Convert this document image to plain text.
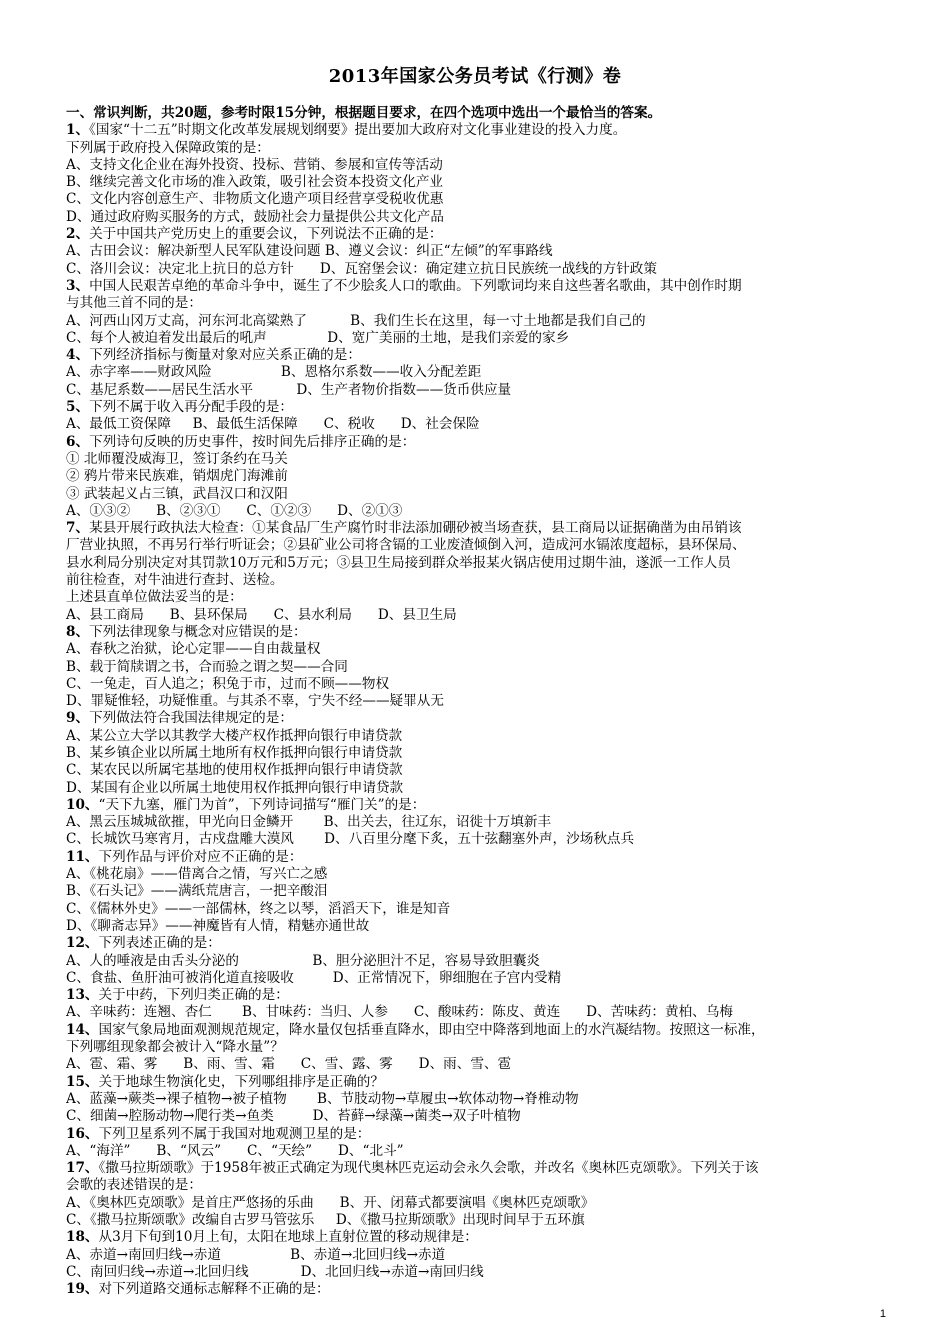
2013年国家公务员考试《行测》卷
一、常识判断，共20题，参考时限15分钟，根据题目要求，在四个选项中选出一个最恰当的答案。
1、《国家“十二五”时期文化改革发展规划纲要》提出要加大政府对文化事业建设的投入力度。
下列属于政府投入保障政策的是：
A、支持文化企业在海外投资、投标、营销、参展和宣传等活动
B、继续完善文化市场的准入政策，吸引社会资本投资文化产业
C、文化内容创意生产、非物质文化遗产项目经营享受税收优惠
D、通过政府购买服务的方式，鼓励社会力量提供公共文化产品
2、关于中国共产党历史上的重要会议，下列说法不正确的是：
A、古田会议：解决新型人民军队建设问题 B、遵义会议：纠正“左倾”的军事路线
C、洛川会议：决定北上抗日的总方针      D、瓦窑堡会议：确定建立抗日民族统一战线的方针政策
3、中国人民艰苦卓绝的革命斗争中，诞生了不少脍炙人口的歌曲。下列歌词均来自这些著名歌曲，其中创作时期
与其他三首不同的是：
A、河西山冈万丈高，河东河北高粱熟了          B、我们生长在这里，每一寸土地都是我们自己的
C、每个人被迫着发出最后的吼声              D、宽广美丽的土地，是我们亲爱的家乡
4、下列经济指标与衡量对象对应关系正确的是：
A、赤字率——财政风险                B、恩格尔系数——收入分配差距
C、基尼系数——居民生活水平          D、生产者物价指数——货币供应量
5、下列不属于收入再分配手段的是：
A、最低工资保障     B、最低生活保障      C、税收      D、社会保险
6、下列诗句反映的历史事件，按时间先后排序正确的是：
① 北师覆没威海卫，签订条约在马关
② 鸦片带来民族难，销烟虎门海滩前
③ 武装起义占三镇，武昌汉口和汉阳
A、①③②      B、②③①      C、①②③      D、②①③
7、某县开展行政执法大检查：①某食品厂生产腐竹时非法添加硼砂被当场查获，县工商局以证据确凿为由吊销该
厂营业执照，不再另行举行听证会；②县矿业公司将含镉的工业废渣倾倒入河，造成河水镉浓度超标，县环保局、
县水利局分别决定对其罚款10万元和5万元；③县卫生局接到群众举报某火锅店使用过期牛油，遂派一工作人员
前往检查，对牛油进行查封、送检。
上述县直单位做法妥当的是：
A、县工商局      B、县环保局      C、县水利局      D、县卫生局
8、下列法律现象与概念对应错误的是：
A、春秋之治狱，论心定罪——自由裁量权
B、载于简牍谓之书，合而验之谓之契——合同
C、一兔走，百人追之；积兔于市，过而不顾——物权
D、罪疑惟轻，功疑惟重。与其杀不辜，宁失不经——疑罪从无
9、下列做法符合我国法律规定的是：
A、某公立大学以其教学大楼产权作抵押向银行申请贷款
B、某乡镇企业以所属土地所有权作抵押向银行申请贷款
C、某农民以所属宅基地的使用权作抵押向银行申请贷款
D、某国有企业以所属土地使用权作抵押向银行申请贷款
10、“天下九塞，雁门为首”，下列诗词描写“雁门关”的是：
A、黑云压城城欲摧，甲光向日金鳞开       B、出关去，往辽东，诏徙十万填新丰
C、长城饮马寒宵月，古戍盘雕大漠风       D、八百里分麾下炙，五十弦翻塞外声，沙场秋点兵
11、下列作品与评价对应不正确的是：
A、《桃花扇》——借离合之情，写兴亡之感
B、《石头记》——满纸荒唐言，一把辛酸泪
C、《儒林外史》——一部儒林，终之以琴，滔滔天下，谁是知音
D、《聊斋志异》——神魔皆有人情，精魅亦通世故
12、下列表述正确的是：
A、人的唾液是由舌头分泌的                 B、胆分泌胆汁不足，容易导致胆囊炎
C、食盐、鱼肝油可被消化道直接吸收         D、正常情况下，卵细胞在子宫内受精
13、关于中药，下列归类正确的是：
A、辛味药：连翘、杏仁       B、甘味药：当归、人参      C、酸味药：陈皮、黄连      D、苦味药：黄柏、乌梅
14、国家气象局地面观测规范规定，降水量仅包括垂直降水，即由空中降落到地面上的水汽凝结物。按照这一标准，
下列哪组现象都会被计入“降水量”？
A、雹、霜、雾      B、雨、雪、霜      C、雪、露、雾      D、雨、雪、雹
15、关于地球生物演化史，下列哪组排序是正确的？
A、蓝藻→蕨类→裸子植物→被子植物       B、节肢动物→草履虫→软体动物→脊椎动物
C、细菌→腔肠动物→爬行类→鱼类         D、苔藓→绿藻→菌类→双子叶植物
16、下列卫星系列不属于我国对地观测卫星的是：
A、“海洋”      B、“风云”      C、“天绘”      D、“北斗”
17、《撒马拉斯颂歌》于1958年被正式确定为现代奥林匹克运动会永久会歌，并改名《奥林匹克颂歌》。下列关于该
会歌的表述错误的是：
A、《奥林匹克颂歌》是首庄严悠扬的乐曲      B、开、闭幕式都要演唱《奥林匹克颂歌》
C、《撒马拉斯颂歌》改编自古罗马管弦乐     D、《撒马拉斯颂歌》出现时间早于五环旗
18、从3月下旬到10月上旬，太阳在地球上直射位置的移动规律是：
A、赤道→南回归线→赤道                B、赤道→北回归线→赤道
C、南回归线→赤道→北回归线            D、北回归线→赤道→南回归线
19、对下列道路交通标志解释不正确的是：
1
